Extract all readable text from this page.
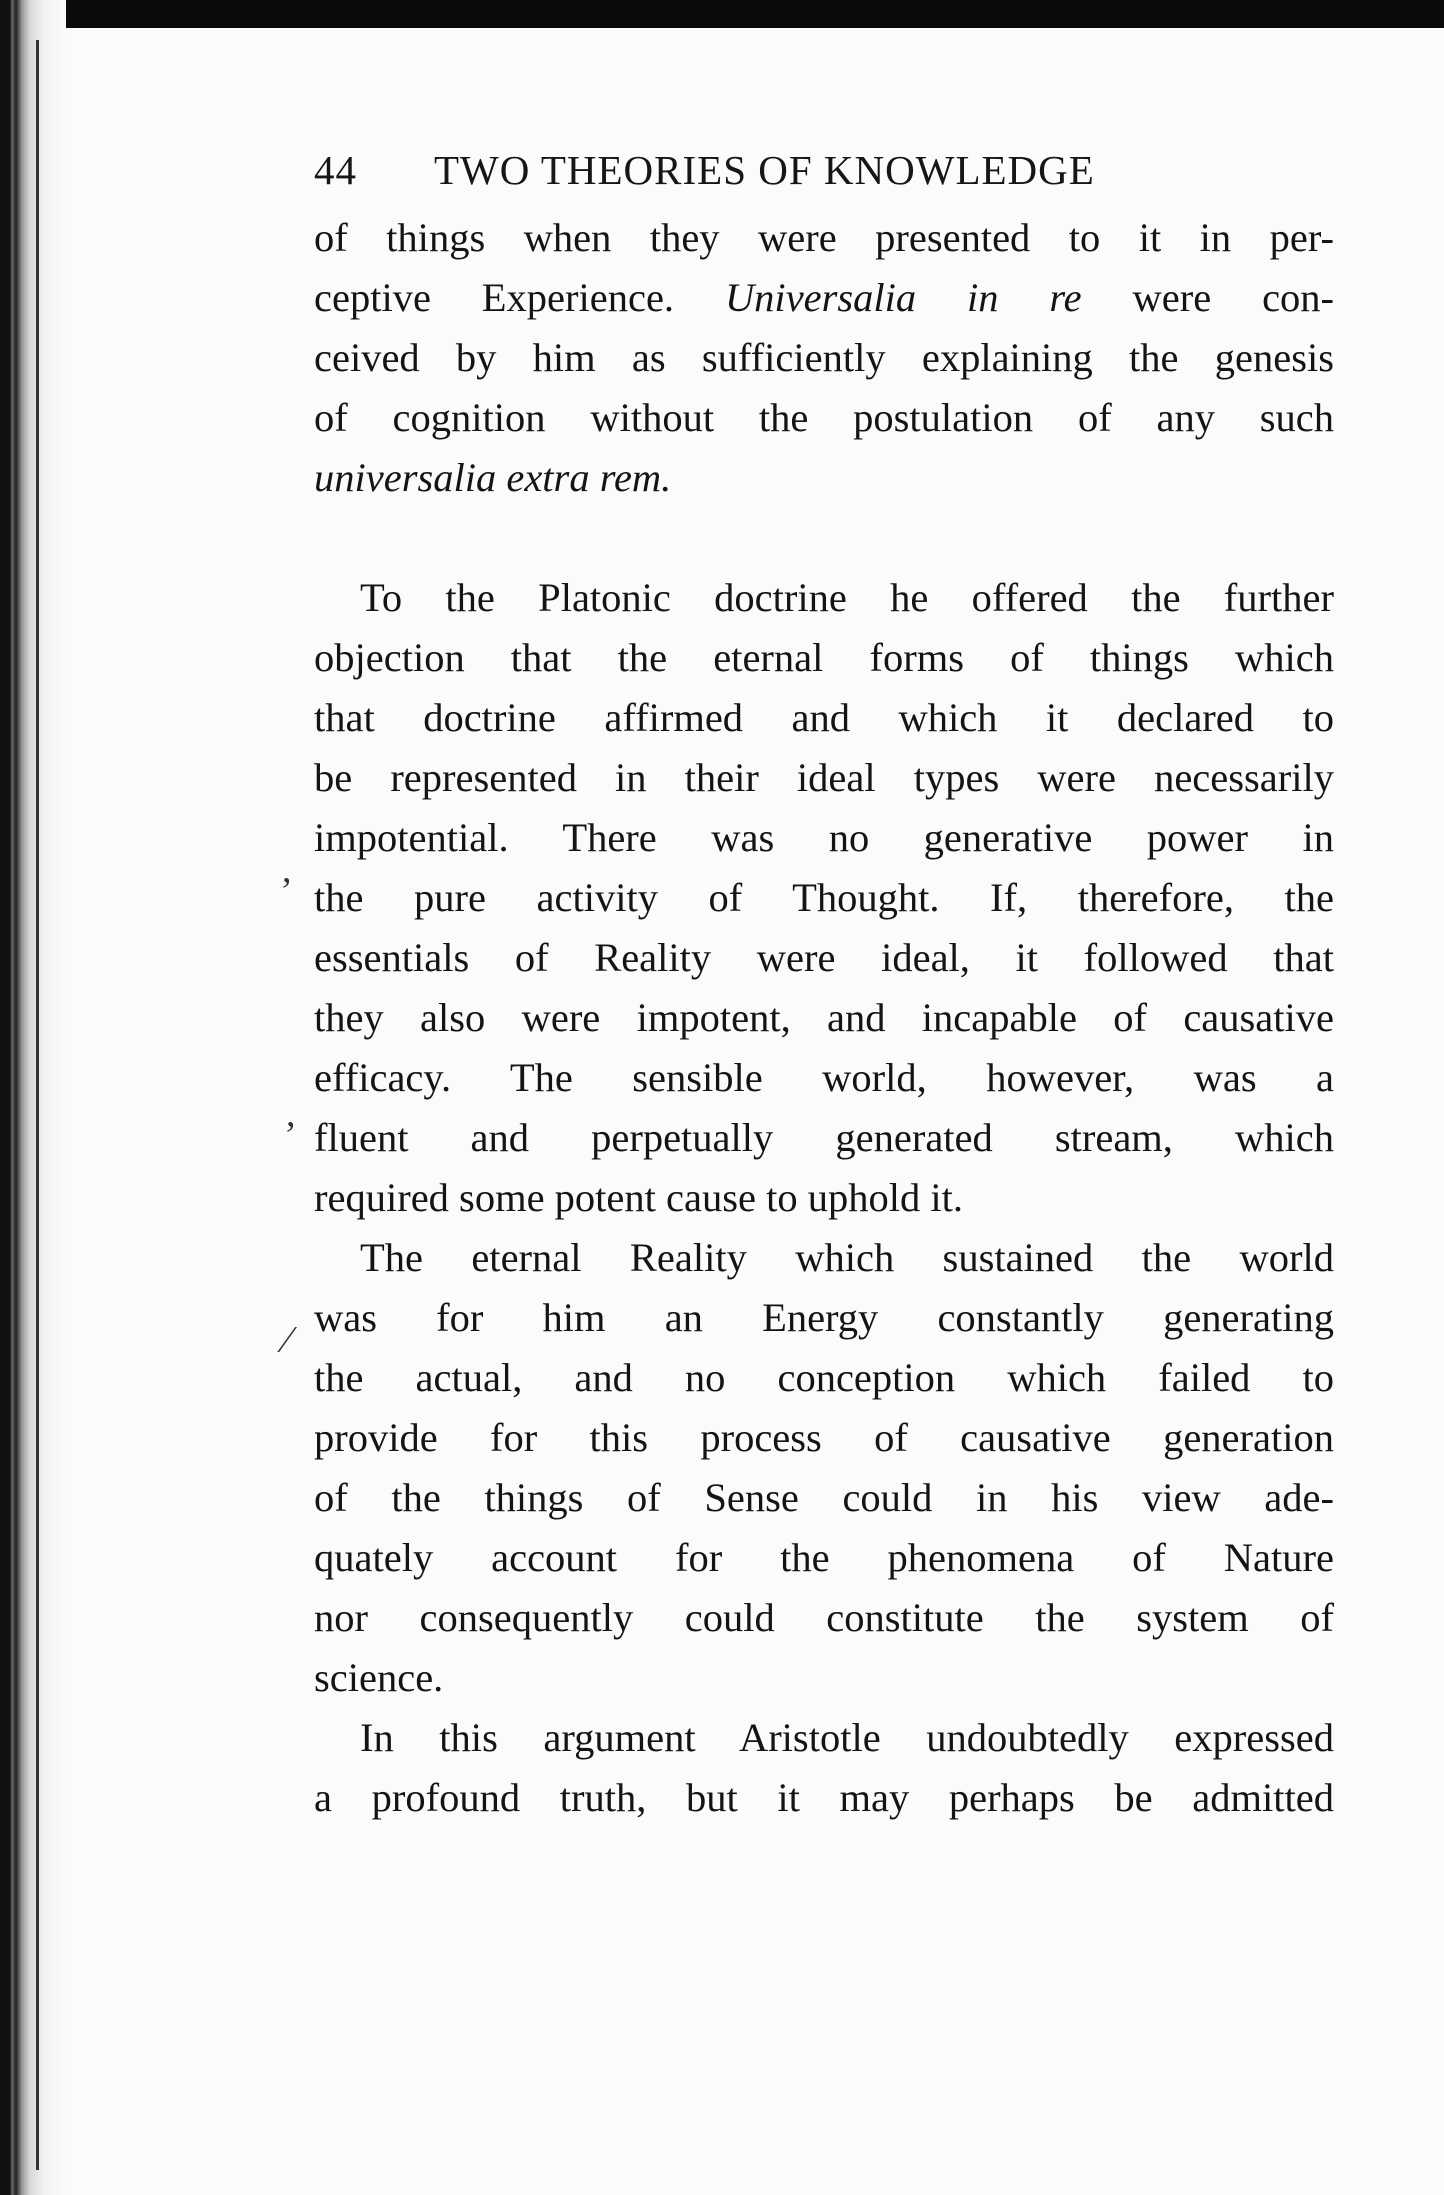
44 TWO THEORIES OF KNOWLEDGE

of things when they were presented to it in per-
ceptive Experience. Universalia in re were con-
ceived by him as sufficiently explaining the genesis
of cognition without the postulation of any such
universalia extra rem.

To the Platonic doctrine he offered the further
objection that the eternal forms of things which
that doctrine affirmed and which it declared to
be represented in their ideal types were necessarily
impotential. There was no generative power in
the pure activity of Thought. If, therefore, the
essentials of Reality were ideal, it followed that
they also were impotent, and incapable of causative
efficacy. The sensible world, however, was a
fluent and perpetually generated stream, which
required some potent cause to uphold it.

The eternal Reality which sustained the world
was for him an Energy constantly generating
the actual, and no conception which failed to
provide for this process of causative generation
of the things of Sense could in his view ade-
quately account for the phenomena of Nature
nor consequently could constitute the system of
science.

In this argument Aristotle undoubtedly expressed
a profound truth, but it may perhaps be admitted

,
,
⁄
